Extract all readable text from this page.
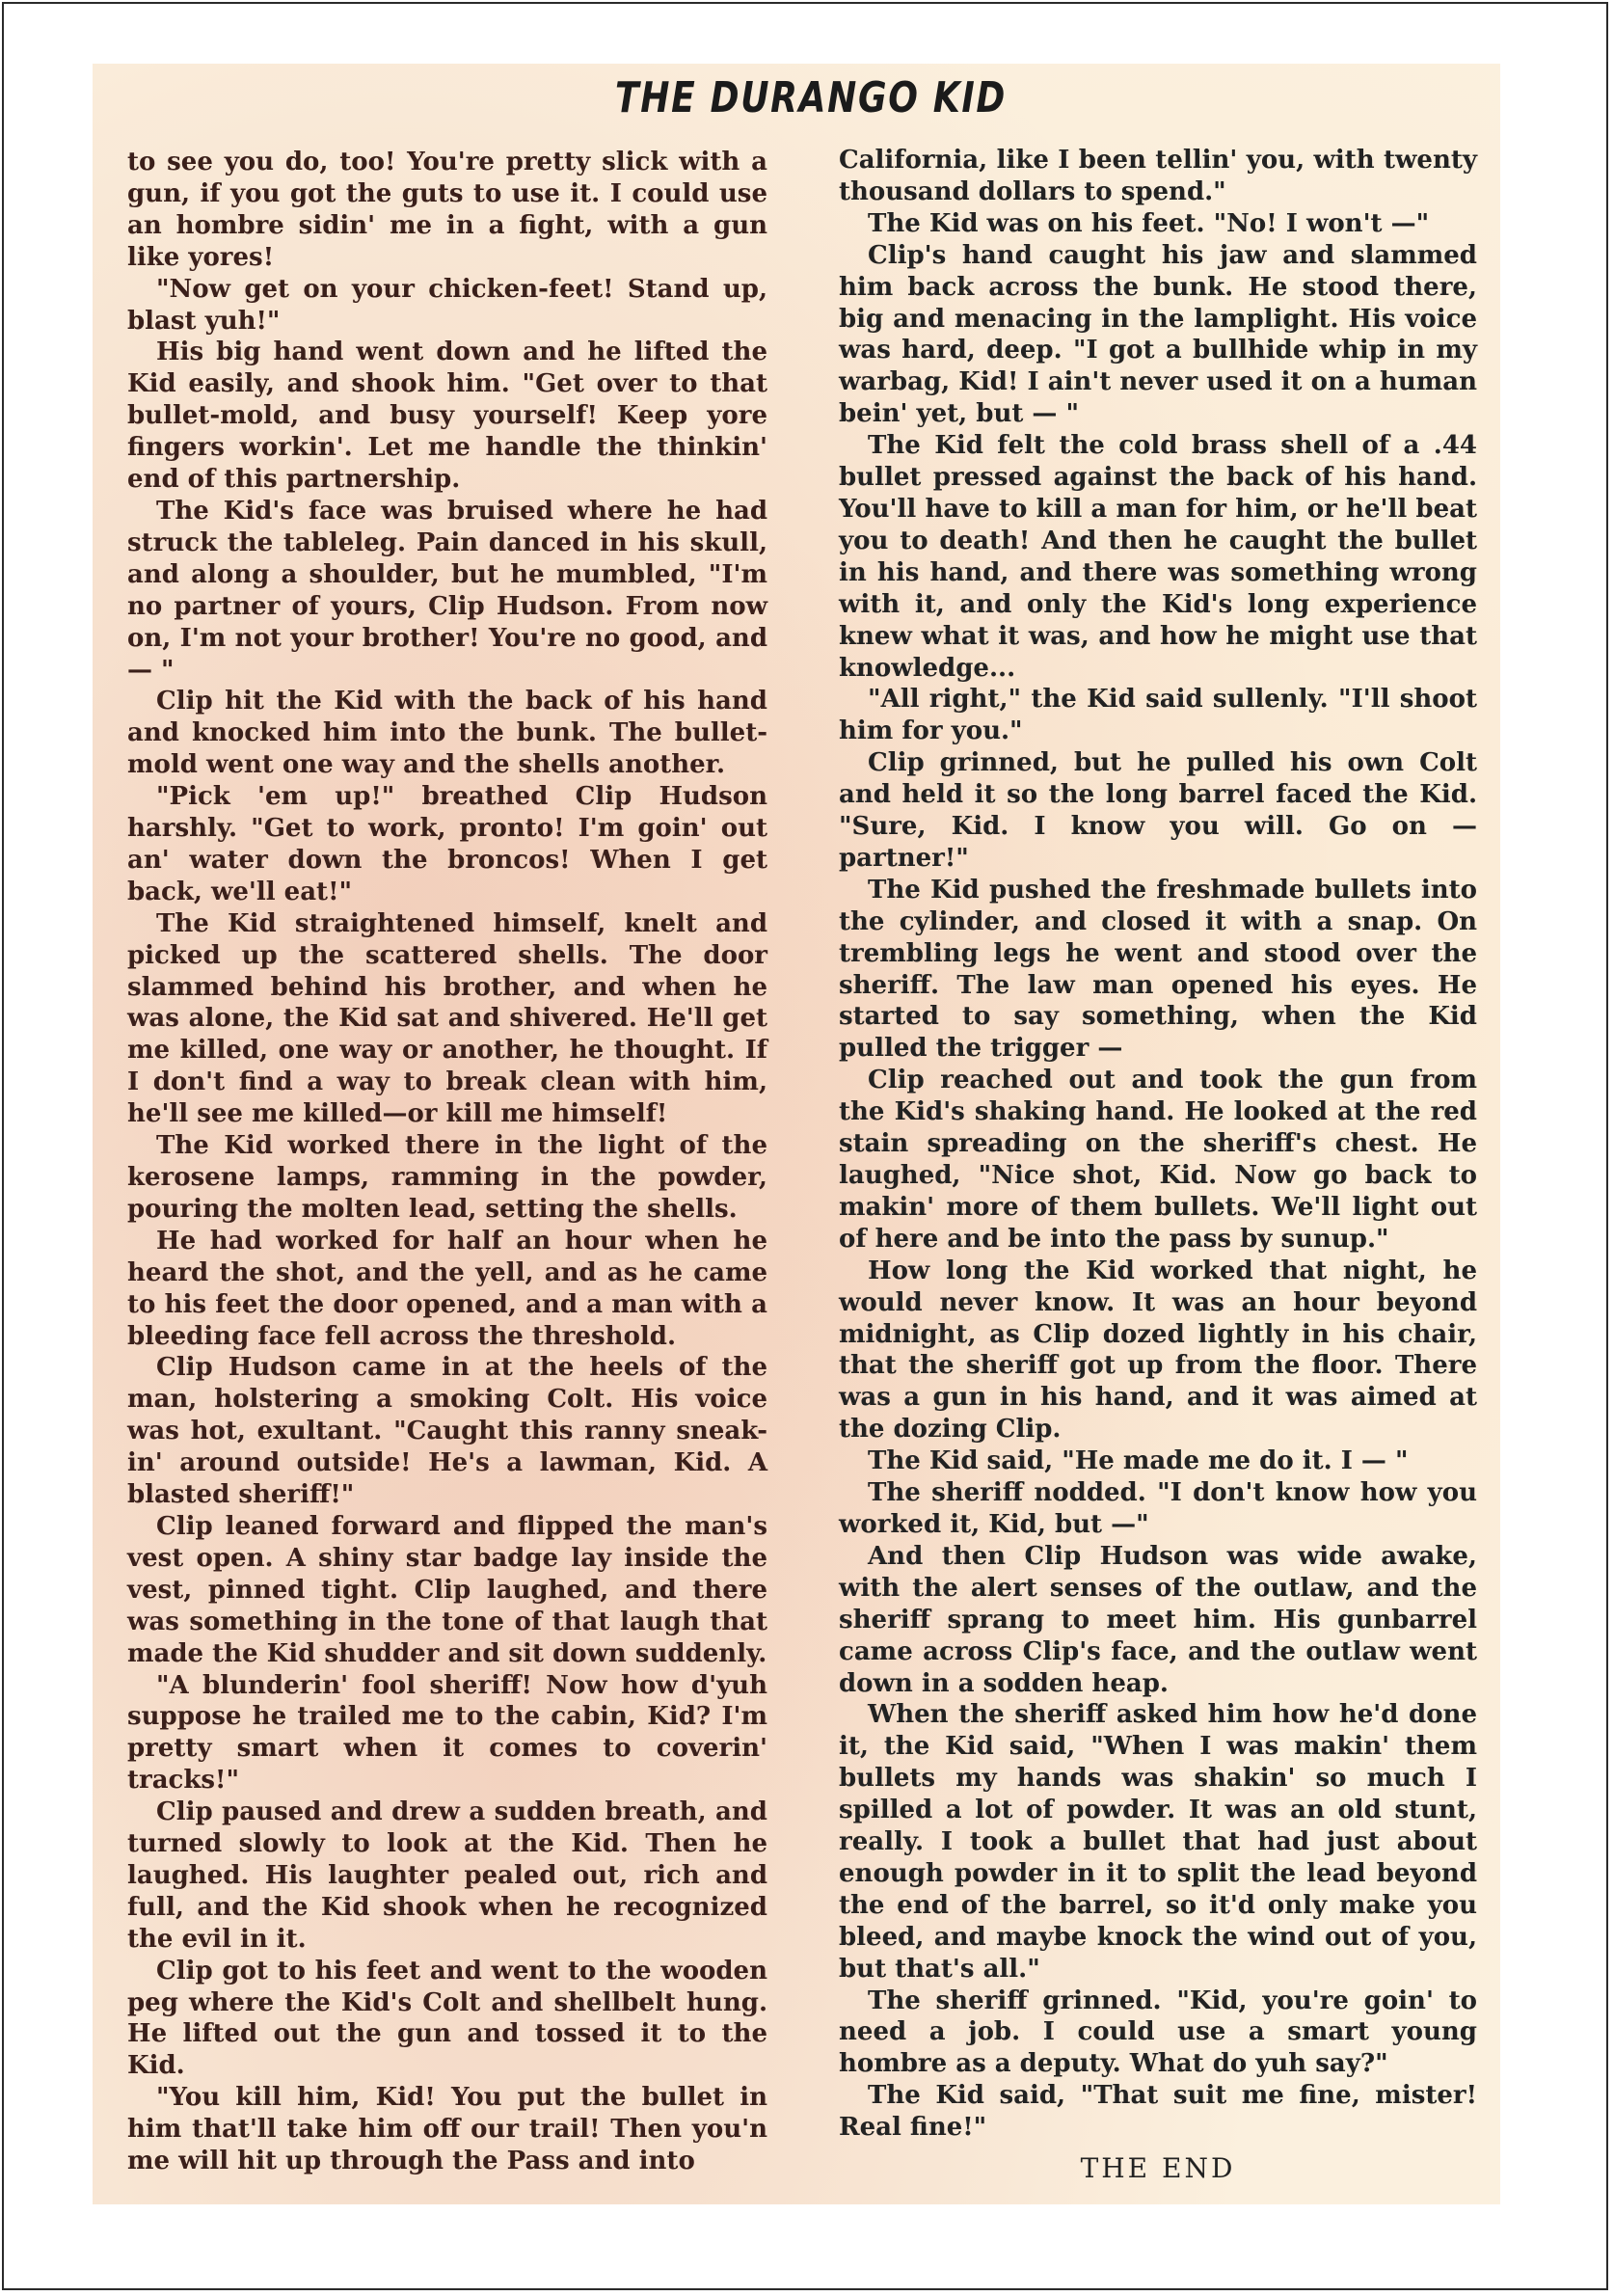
THE DURANGO KID

to see you do, too! You're pretty slick with a gun, if you got the guts to use it. I could use an hombre sidin' me in a fight, with a gun like yores!

"Now get on your chicken-feet! Stand up, blast yuh!"

His big hand went down and he lifted the Kid easily, and shook him. "Get over to that bullet-mold, and busy yourself! Keep yore fingers workin'. Let me handle the thinkin' end of this partnership.

The Kid's face was bruised where he had struck the tableleg. Pain danced in his skull, and along a shoulder, but he mumbled, "I'm no partner of yours, Clip Hudson. From now on, I'm not your brother! You're no good, and — "

Clip hit the Kid with the back of his hand and knocked him into the bunk. The bullet-mold went one way and the shells another.

"Pick 'em up!" breathed Clip Hudson harshly. "Get to work, pronto! I'm goin' out an' water down the broncos! When I get back, we'll eat!"

The Kid straightened himself, knelt and picked up the scattered shells. The door slammed behind his brother, and when he was alone, the Kid sat and shivered. He'll get me killed, one way or another, he thought. If I don't find a way to break clean with him, he'll see me killed—or kill me himself!

The Kid worked there in the light of the kerosene lamps, ramming in the powder, pouring the molten lead, setting the shells.

He had worked for half an hour when he heard the shot, and the yell, and as he came to his feet the door opened, and a man with a bleeding face fell across the threshold.

Clip Hudson came in at the heels of the man, holstering a smoking Colt. His voice was hot, exultant. "Caught this ranny sneak-in' around outside! He's a lawman, Kid. A blasted sheriff!"

Clip leaned forward and flipped the man's vest open. A shiny star badge lay inside the vest, pinned tight. Clip laughed, and there was something in the tone of that laugh that made the Kid shudder and sit down suddenly.

"A blunderin' fool sheriff! Now how d'yuh suppose he trailed me to the cabin, Kid? I'm pretty smart when it comes to coverin' tracks!"

Clip paused and drew a sudden breath, and turned slowly to look at the Kid. Then he laughed. His laughter pealed out, rich and full, and the Kid shook when he recognized the evil in it.

Clip got to his feet and went to the wooden peg where the Kid's Colt and shellbelt hung. He lifted out the gun and tossed it to the Kid.

"You kill him, Kid! You put the bullet in him that'll take him off our trail! Then you'n me will hit up through the Pass and into

California, like I been tellin' you, with twenty thousand dollars to spend."

The Kid was on his feet. "No! I won't —"

Clip's hand caught his jaw and slammed him back across the bunk. He stood there, big and menacing in the lamplight. His voice was hard, deep. "I got a bullhide whip in my warbag, Kid! I ain't never used it on a human bein' yet, but — "

The Kid felt the cold brass shell of a .44 bullet pressed against the back of his hand. You'll have to kill a man for him, or he'll beat you to death! And then he caught the bullet in his hand, and there was something wrong with it, and only the Kid's long experience knew what it was, and how he might use that knowledge...

"All right," the Kid said sullenly. "I'll shoot him for you."

Clip grinned, but he pulled his own Colt and held it so the long barrel faced the Kid. "Sure, Kid. I know you will. Go on — partner!"

The Kid pushed the freshmade bullets into the cylinder, and closed it with a snap. On trembling legs he went and stood over the sheriff. The law man opened his eyes. He started to say something, when the Kid pulled the trigger —

Clip reached out and took the gun from the Kid's shaking hand. He looked at the red stain spreading on the sheriff's chest. He laughed, "Nice shot, Kid. Now go back to makin' more of them bullets. We'll light out of here and be into the pass by sunup."

How long the Kid worked that night, he would never know. It was an hour beyond midnight, as Clip dozed lightly in his chair, that the sheriff got up from the floor. There was a gun in his hand, and it was aimed at the dozing Clip.

The Kid said, "He made me do it. I — "

The sheriff nodded. "I don't know how you worked it, Kid, but —"

And then Clip Hudson was wide awake, with the alert senses of the outlaw, and the sheriff sprang to meet him. His gunbarrel came across Clip's face, and the outlaw went down in a sodden heap.

When the sheriff asked him how he'd done it, the Kid said, "When I was makin' them bullets my hands was shakin' so much I spilled a lot of powder. It was an old stunt, really. I took a bullet that had just about enough powder in it to split the lead beyond the end of the barrel, so it'd only make you bleed, and maybe knock the wind out of you, but that's all."

The sheriff grinned. "Kid, you're goin' to need a job. I could use a smart young hombre as a deputy. What do yuh say?"

The Kid said, "That suit me fine, mister! Real fine!"

THE END
